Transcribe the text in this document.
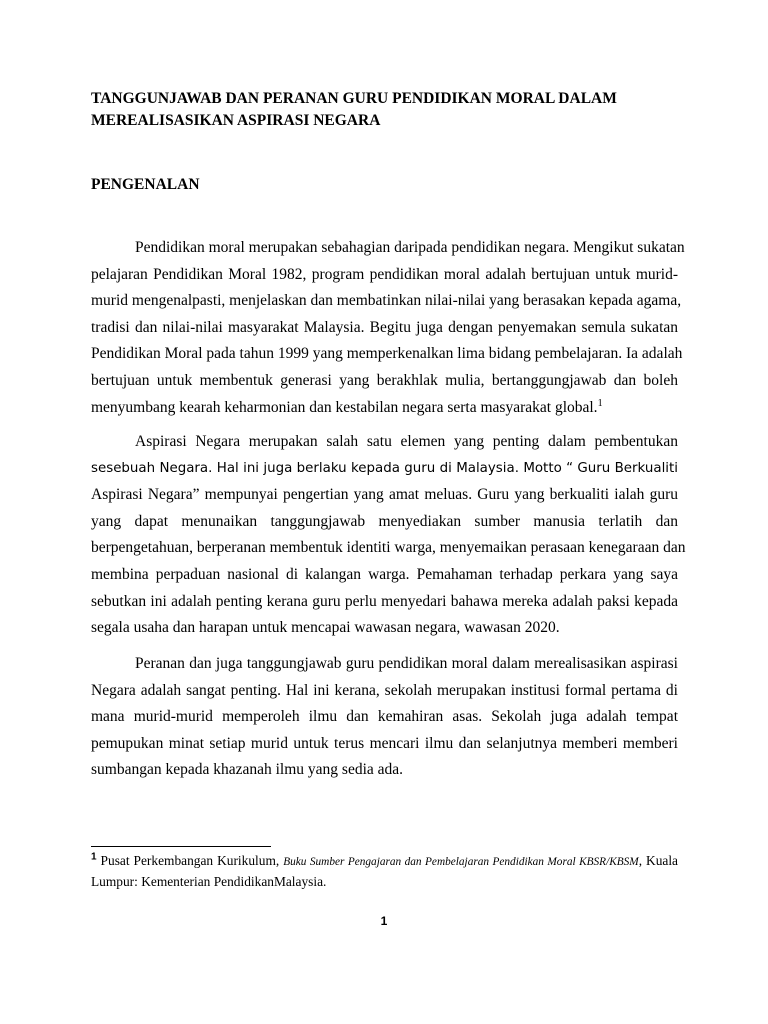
TANGGUNJAWAB DAN PERANAN GURU PENDIDIKAN MORAL DALAM
MEREALISASIKAN ASPIRASI NEGARA
PENGENALAN
Pendidikan moral merupakan sebahagian daripada pendidikan negara. Mengikut sukatan
pelajaran Pendidikan Moral 1982, program pendidikan moral adalah bertujuan untuk murid-
murid mengenalpasti, menjelaskan dan membatinkan nilai-nilai yang berasakan kepada agama,
tradisi dan nilai-nilai masyarakat Malaysia. Begitu juga dengan penyemakan semula sukatan
Pendidikan Moral pada tahun 1999 yang memperkenalkan lima bidang pembelajaran. Ia adalah
bertujuan untuk membentuk generasi yang berakhlak mulia, bertanggungjawab dan boleh
menyumbang kearah keharmonian dan kestabilan negara serta masyarakat global.$^1$
Aspirasi Negara merupakan salah satu elemen yang penting dalam pembentukan
sesebuah Negara. Hal ini juga berlaku kepada guru di Malaysia. Motto “ Guru Berkualiti
Aspirasi Negara” mempunyai pengertian yang amat meluas. Guru yang berkualiti ialah guru
yang dapat menunaikan tanggungjawab menyediakan sumber manusia terlatih dan
berpengetahuan, berperanan membentuk identiti warga, menyemaikan perasaan kenegaraan dan
membina perpaduan nasional di kalangan warga. Pemahaman terhadap perkara yang saya
sebutkan ini adalah penting kerana guru perlu menyedari bahawa mereka adalah paksi kepada
segala usaha dan harapan untuk mencapai wawasan negara, wawasan 2020.
Peranan dan juga tanggungjawab guru pendidikan moral dalam merealisasikan aspirasi
Negara adalah sangat penting. Hal ini kerana, sekolah merupakan institusi formal pertama di
mana murid-murid memperoleh ilmu dan kemahiran asas. Sekolah juga adalah tempat
pemupukan minat setiap murid untuk terus mencari ilmu dan selanjutnya memberi memberi
sumbangan kepada khazanah ilmu yang sedia ada.
$^1$ Pusat Perkembangan Kurikulum, Buku Sumber Pengajaran dan Pembelajaran Pendidikan Moral KBSR/KBSM, Kuala
Lumpur: Kementerian PendidikanMalaysia.
1
